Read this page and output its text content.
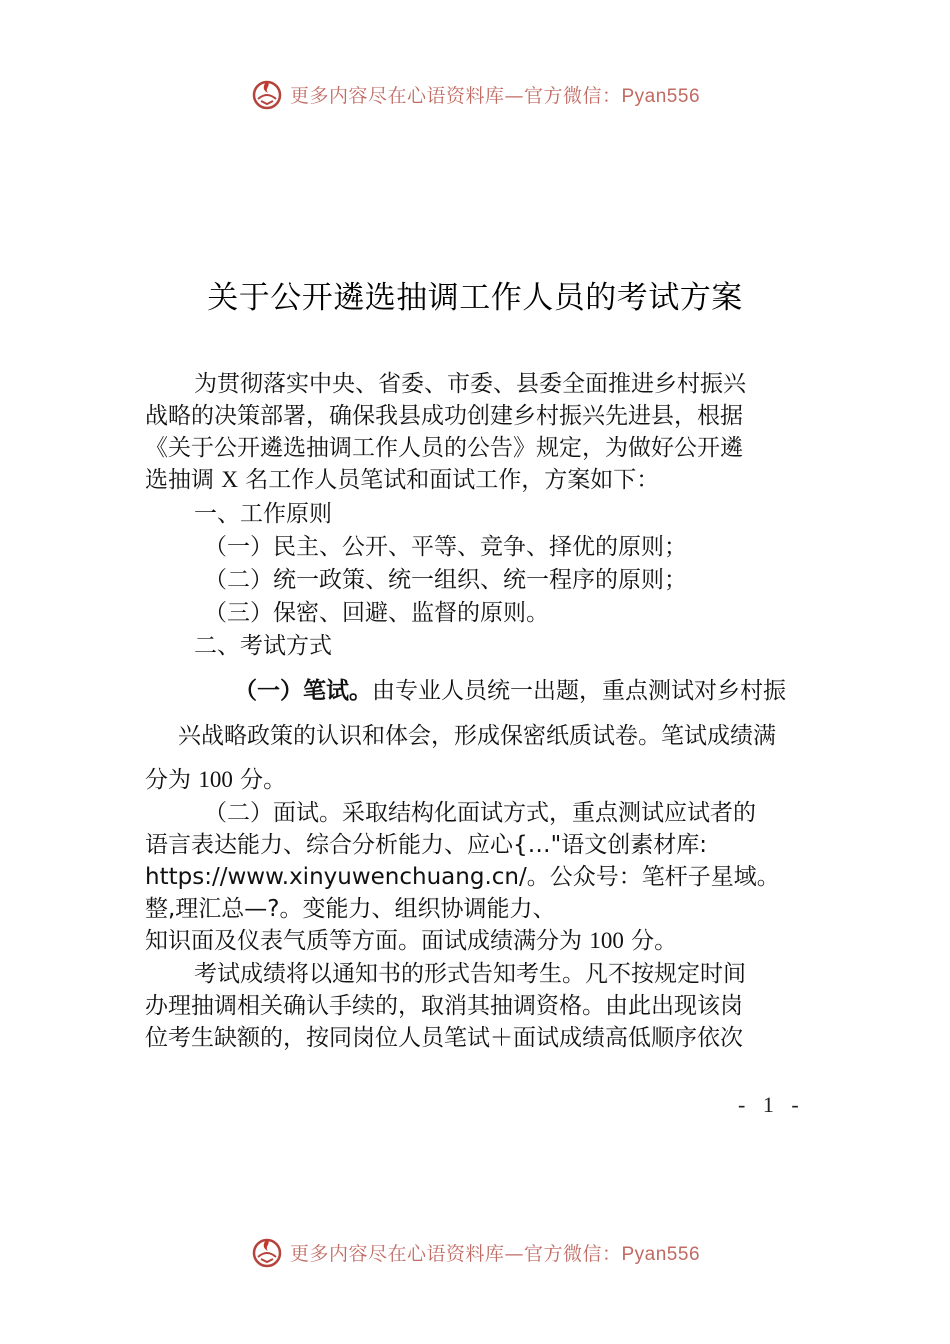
更多内容尽在心语资料库—官方微信：Pyan556
关于公开遴选抽调工作人员的考试方案
为贯彻落实中央、省委、市委、县委全面推进乡村振兴
战略的决策部署，确保我县成功创建乡村振兴先进县，根据
《关于公开遴选抽调工作人员的公告》规定，为做好公开遴
选抽调 X 名工作人员笔试和面试工作，方案如下：
一、工作原则
（一）民主、公开、平等、竞争、择优的原则；
（二）统一政策、统一组织、统一程序的原则；
（三）保密、回避、监督的原则。
二、考试方式
（一）笔试。由专业人员统一出题，重点测试对乡村振
兴战略政策的认识和体会，形成保密纸质试卷。笔试成绩满
分为 100 分。
（二）面试。采取结构化面试方式，重点测试应试者的
语言表达能力、综合分析能力、应心{…"语文创素材库:
https://www.xinyuwenchuang.cn/。公众号：笔杆子星域。
整,理汇总—?。变能力、组织协调能力、
知识面及仪表气质等方面。面试成绩满分为 100 分。
考试成绩将以通知书的形式告知考生。凡不按规定时间
办理抽调相关确认手续的，取消其抽调资格。由此出现该岗
位考生缺额的，按同岗位人员笔试＋面试成绩高低顺序依次
- 1 -
更多内容尽在心语资料库—官方微信：Pyan556
